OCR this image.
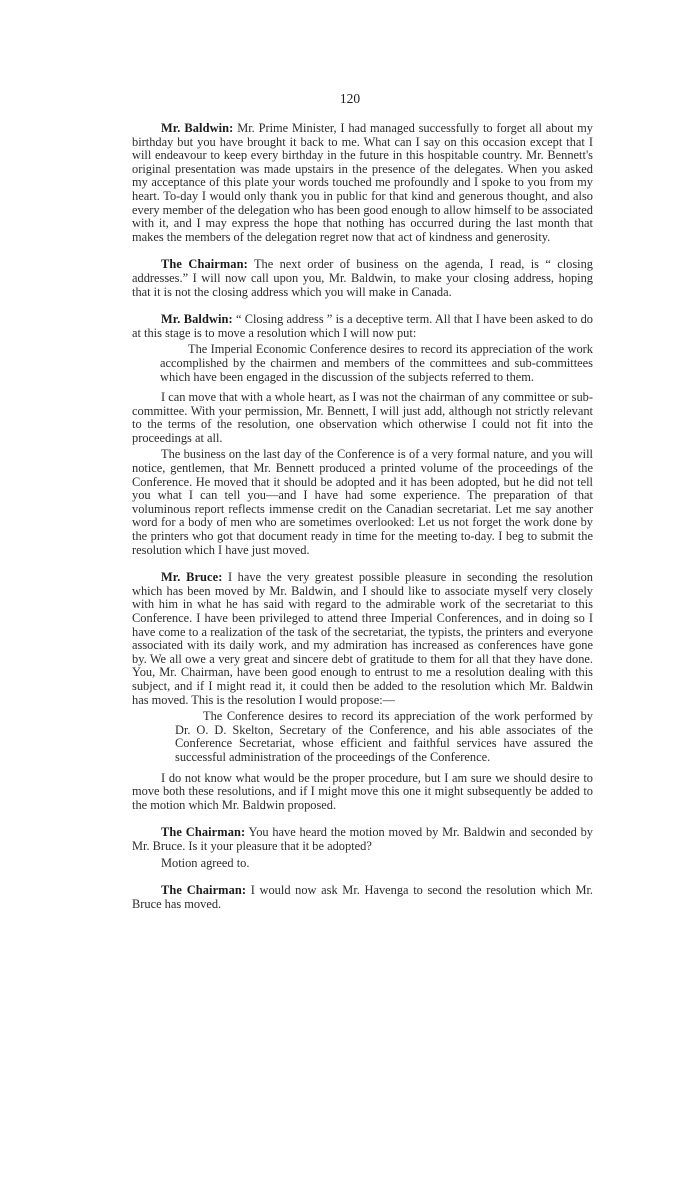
120

Mr. Baldwin: Mr. Prime Minister, I had managed successfully to forget all about my birthday but you have brought it back to me. What can I say on this occasion except that I will endeavour to keep every birthday in the future in this hospitable country. Mr. Bennett's original presentation was made upstairs in the presence of the delegates. When you asked my acceptance of this plate your words touched me profoundly and I spoke to you from my heart. To-day I would only thank you in public for that kind and generous thought, and also every member of the delegation who has been good enough to allow himself to be associated with it, and I may express the hope that nothing has occurred during the last month that makes the members of the delegation regret now that act of kindness and generosity.

The Chairman: The next order of business on the agenda, I read, is “ closing addresses.” I will now call upon you, Mr. Baldwin, to make your closing address, hoping that it is not the closing address which you will make in Canada.

Mr. Baldwin: “ Closing address ” is a deceptive term. All that I have been asked to do at this stage is to move a resolution which I will now put:

The Imperial Economic Conference desires to record its appreciation of the work accomplished by the chairmen and members of the committees and sub-committees which have been engaged in the discussion of the subjects referred to them.

I can move that with a whole heart, as I was not the chairman of any committee or sub-committee. With your permission, Mr. Bennett, I will just add, although not strictly relevant to the terms of the resolution, one observation which otherwise I could not fit into the proceedings at all.

The business on the last day of the Conference is of a very formal nature, and you will notice, gentlemen, that Mr. Bennett produced a printed volume of the proceedings of the Conference. He moved that it should be adopted and it has been adopted, but he did not tell you what I can tell you—and I have had some experience. The preparation of that voluminous report reflects immense credit on the Canadian secretariat. Let me say another word for a body of men who are sometimes overlooked: Let us not forget the work done by the printers who got that document ready in time for the meeting to-day. I beg to submit the resolution which I have just moved.

Mr. Bruce: I have the very greatest possible pleasure in seconding the resolution which has been moved by Mr. Baldwin, and I should like to associate myself very closely with him in what he has said with regard to the admirable work of the secretariat to this Conference. I have been privileged to attend three Imperial Conferences, and in doing so I have come to a realization of the task of the secretariat, the typists, the printers and everyone associated with its daily work, and my admiration has increased as conferences have gone by. We all owe a very great and sincere debt of gratitude to them for all that they have done. You, Mr. Chairman, have been good enough to entrust to me a resolution dealing with this subject, and if I might read it, it could then be added to the resolution which Mr. Baldwin has moved. This is the resolution I would propose:—

The Conference desires to record its appreciation of the work performed by Dr. O. D. Skelton, Secretary of the Conference, and his able associates of the Conference Secretariat, whose efficient and faithful services have assured the successful administration of the proceedings of the Conference.

I do not know what would be the proper procedure, but I am sure we should desire to move both these resolutions, and if I might move this one it might subsequently be added to the motion which Mr. Baldwin proposed.

The Chairman: You have heard the motion moved by Mr. Baldwin and seconded by Mr. Bruce. Is it your pleasure that it be adopted?

Motion agreed to.

The Chairman: I would now ask Mr. Havenga to second the resolution which Mr. Bruce has moved.
